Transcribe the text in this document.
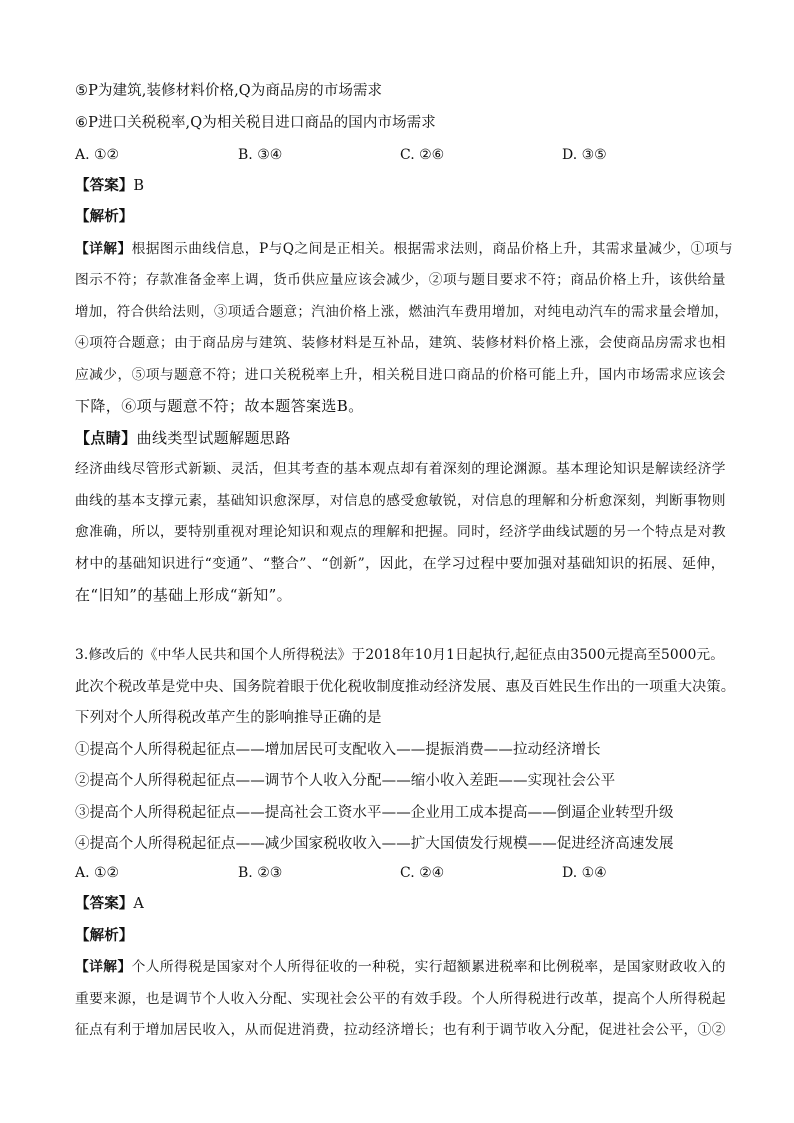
⑤P为建筑,装修材料价格,Q为商品房的市场需求
⑥P进口关税税率,Q为相关税目进口商品的国内市场需求
A. ①②	B. ③④	C. ②⑥	D. ③⑤
【答案】B
【解析】
【详解】根据图示曲线信息，P与Q之间是正相关。根据需求法则，商品价格上升，其需求量减少，①项与
图示不符；存款准备金率上调，货币供应量应该会减少，②项与题目要求不符；商品价格上升，该供给量
增加，符合供给法则，③项适合题意；汽油价格上涨，燃油汽车费用增加，对纯电动汽车的需求量会增加，
④项符合题意；由于商品房与建筑、装修材料是互补品，建筑、装修材料价格上涨，会使商品房需求也相
应减少，⑤项与题意不符；进口关税税率上升，相关税目进口商品的价格可能上升，国内市场需求应该会
下降，⑥项与题意不符；故本题答案选B。
【点睛】曲线类型试题解题思路
经济曲线尽管形式新颖、灵活，但其考查的基本观点却有着深刻的理论渊源。基本理论知识是解读经济学
曲线的基本支撑元素，基础知识愈深厚，对信息的感受愈敏锐，对信息的理解和分析愈深刻，判断事物则
愈准确，所以，要特别重视对理论知识和观点的理解和把握。同时，经济学曲线试题的另一个特点是对教
材中的基础知识进行“变通”、“整合”、“创新”，因此，在学习过程中要加强对基础知识的拓展、延伸，
在“旧知”的基础上形成“新知”。
3.修改后的《中华人民共和国个人所得税法》于2018年10月1日起执行,起征点由3500元提高至5000元。
此次个税改革是党中央、国务院着眼于优化税收制度推动经济发展、惠及百姓民生作出的一项重大决策。
下列对个人所得税改革产生的影响推导正确的是
①提高个人所得税起征点——增加居民可支配收入——提振消费——拉动经济增长
②提高个人所得税起征点——调节个人收入分配——缩小收入差距——实现社会公平
③提高个人所得税起征点——提高社会工资水平——企业用工成本提高——倒逼企业转型升级
④提高个人所得税起征点——减少国家税收收入——扩大国债发行规模——促进经济高速发展
A. ①②	B. ②③	C. ②④	D. ①④
【答案】A
【解析】
【详解】个人所得税是国家对个人所得征收的一种税，实行超额累进税率和比例税率，是国家财政收入的
重要来源，也是调节个人收入分配、实现社会公平的有效手段。个人所得税进行改革，提高个人所得税起
征点有利于增加居民收入，从而促进消费，拉动经济增长；也有利于调节收入分配，促进社会公平，①②
